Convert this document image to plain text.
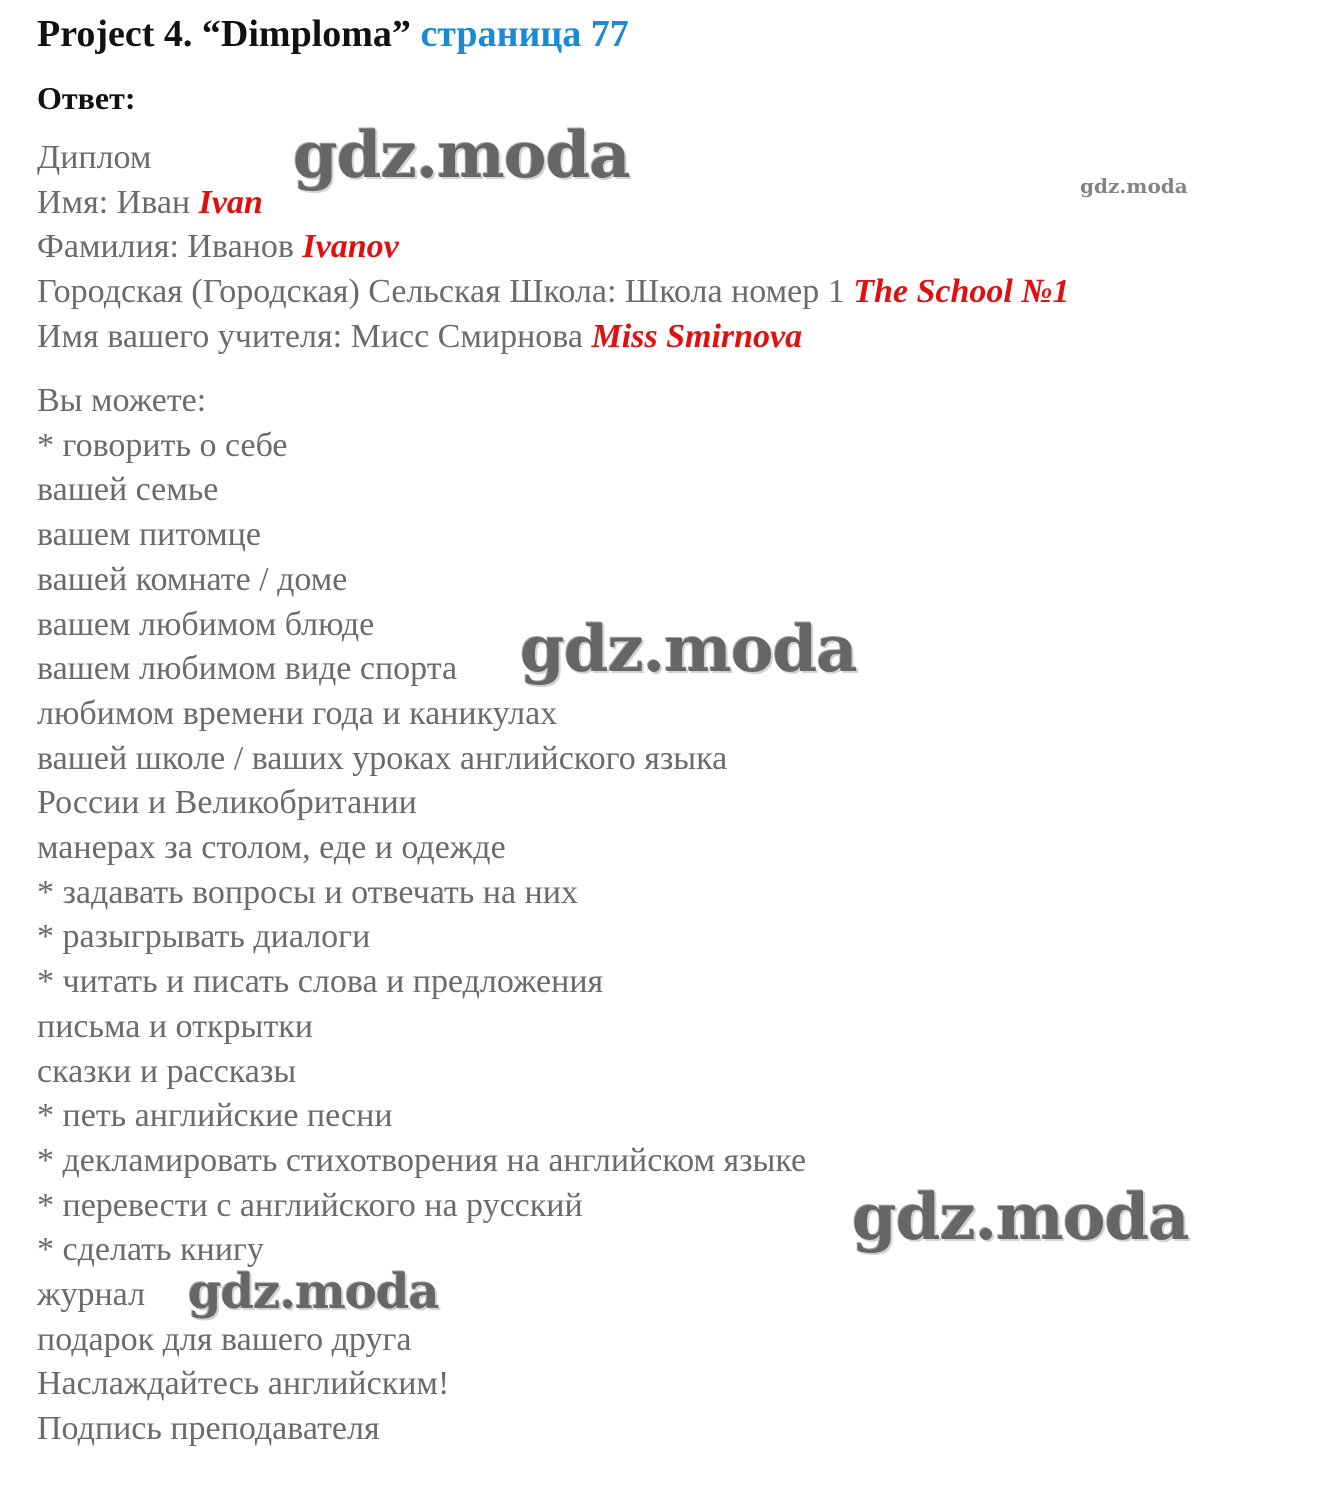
Project 4. “Dimploma” страница 77
Ответ:
Диплом
Имя: Иван Ivan
Фамилия: Иванов Ivanov
Городская (Городская) Сельская Школа: Школа номер 1 The School №1
Имя вашего учителя: Мисс Смирнова Miss Smirnova
Вы можете:
* говорить о себе
вашей семье
вашем питомце
вашей комнате / доме
вашем любимом блюде
вашем любимом виде спорта
любимом времени года и каникулах
вашей школе / ваших уроках английского языка
России и Великобритании
манерах за столом, еде и одежде
* задавать вопросы и отвечать на них
* разыгрывать диалоги
* читать и писать слова и предложения
письма и открытки
сказки и рассказы
* петь английские песни
* декламировать стихотворения на английском языке
* перевести с английского на русский
* сделать книгу
журнал
подарок для вашего друга
Наслаждайтесь английским!
Подпись преподавателя
gdz.moda	gdz.moda
gdz.moda
gdz.moda
gdz.moda
